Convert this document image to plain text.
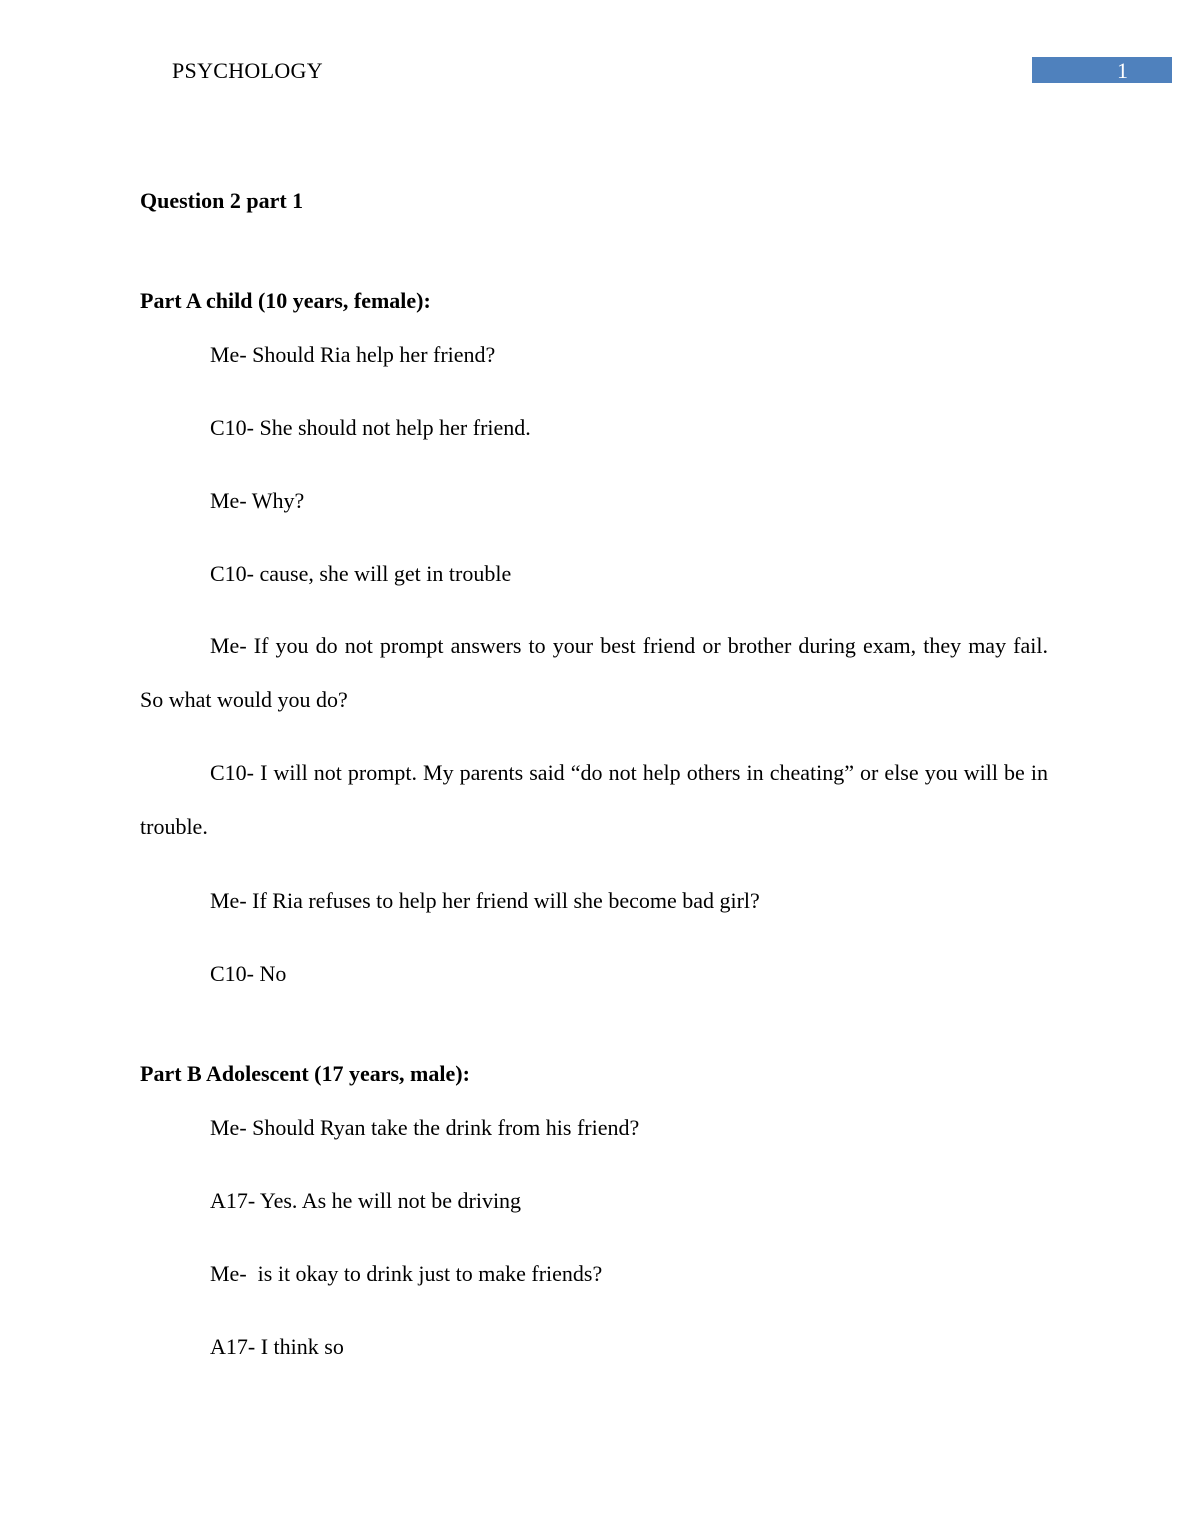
PSYCHOLOGY	1
Question 2 part 1
Part A child (10 years, female):
Me- Should Ria help her friend?
C10- She should not help her friend.
Me- Why?
C10- cause, she will get in trouble
Me- If you do not prompt answers to your best friend or brother during exam, they may fail. So what would you do?
C10- I will not prompt. My parents said “do not help others in cheating” or else you will be in trouble.
Me- If Ria refuses to help her friend will she become bad girl?
C10- No
Part B Adolescent (17 years, male):
Me- Should Ryan take the drink from his friend?
A17- Yes. As he will not be driving
Me-  is it okay to drink just to make friends?
A17- I think so
